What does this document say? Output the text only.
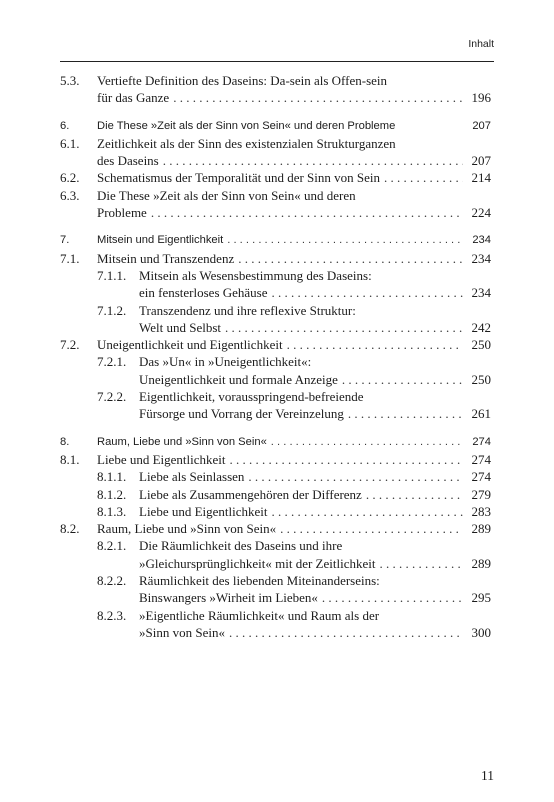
Inhalt
5.3. Vertiefte Definition des Daseins: Da-sein als Offen-sein
für das Ganze . . .	196
6. Die These »Zeit als der Sinn von Sein« und deren Probleme	207
6.1. Zeitlichkeit als der Sinn des existenzialen Strukturganzen
des Daseins . . .	207
6.2. Schematismus der Temporalität und der Sinn von Sein . . .	214
6.3. Die These »Zeit als der Sinn von Sein« und deren
Probleme . . .	224
7. Mitsein und Eigentlichkeit . . .	234
7.1. Mitsein und Transzendenz . . .	234
7.1.1. Mitsein als Wesensbestimmung des Daseins:
ein fensterloses Gehäuse . . .	234
7.1.2. Transzendenz und ihre reflexive Struktur:
Welt und Selbst . . .	242
7.2. Uneigentlichkeit und Eigentlichkeit . . .	250
7.2.1. Das »Un« in »Uneigentlichkeit«:
Uneigentlichkeit und formale Anzeige . . .	250
7.2.2. Eigentlichkeit, vorausspringend-befreiende
Fürsorge und Vorrang der Vereinzelung . . .	261
8. Raum, Liebe und »Sinn von Sein« . . .	274
8.1. Liebe und Eigentlichkeit . . .	274
8.1.1. Liebe als Seinlassen . . .	274
8.1.2. Liebe als Zusammengehören der Differenz . . .	279
8.1.3. Liebe und Eigentlichkeit . . .	283
8.2. Raum, Liebe und »Sinn von Sein« . . .	289
8.2.1. Die Räumlichkeit des Daseins und ihre
»Gleichursprünglichkeit« mit der Zeitlichkeit . . .	289
8.2.2. Räumlichkeit des liebenden Miteinanderseins:
Binswangers »Wirheit im Lieben« . . .	295
8.2.3. »Eigentliche Räumlichkeit« und Raum als der
»Sinn von Sein« . . .	300
11
